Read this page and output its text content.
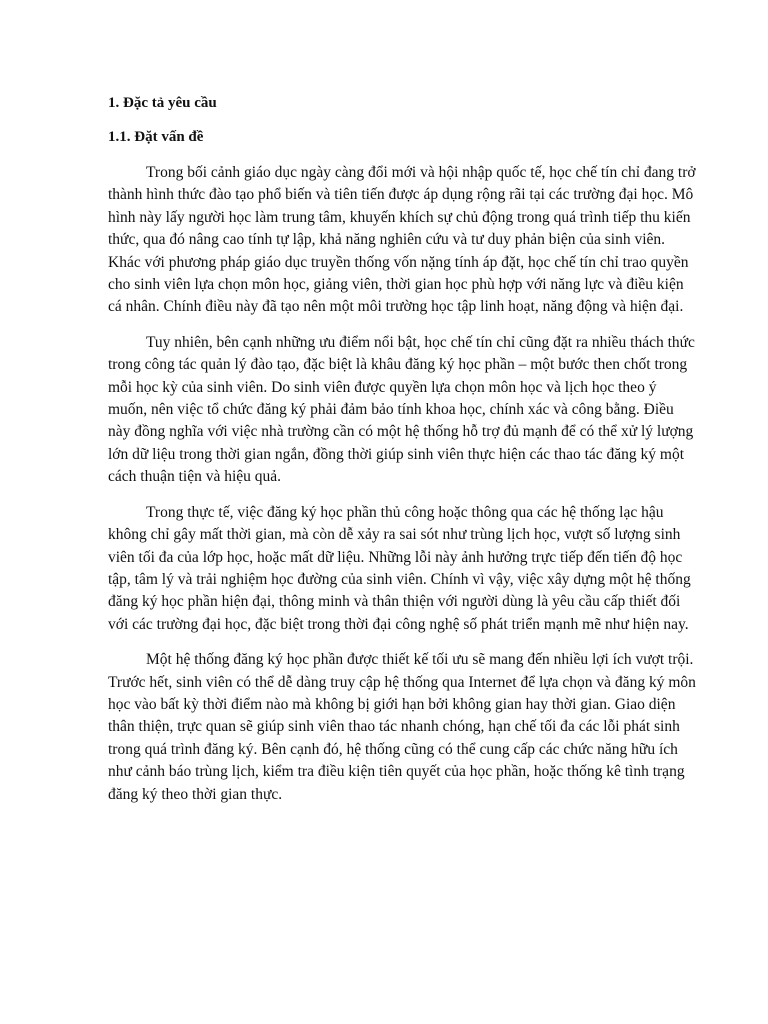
1. Đặc tả yêu cầu
1.1. Đặt vấn đề

Trong bối cảnh giáo dục ngày càng đổi mới và hội nhập quốc tế, học chế tín chỉ đang trở thành hình thức đào tạo phổ biến và tiên tiến được áp dụng rộng rãi tại các trường đại học. Mô hình này lấy người học làm trung tâm, khuyến khích sự chủ động trong quá trình tiếp thu kiến thức, qua đó nâng cao tính tự lập, khả năng nghiên cứu và tư duy phản biện của sinh viên. Khác với phương pháp giáo dục truyền thống vốn nặng tính áp đặt, học chế tín chỉ trao quyền cho sinh viên lựa chọn môn học, giảng viên, thời gian học phù hợp với năng lực và điều kiện cá nhân. Chính điều này đã tạo nên một môi trường học tập linh hoạt, năng động và hiện đại.

Tuy nhiên, bên cạnh những ưu điểm nổi bật, học chế tín chỉ cũng đặt ra nhiều thách thức trong công tác quản lý đào tạo, đặc biệt là khâu đăng ký học phần – một bước then chốt trong mỗi học kỳ của sinh viên. Do sinh viên được quyền lựa chọn môn học và lịch học theo ý muốn, nên việc tổ chức đăng ký phải đảm bảo tính khoa học, chính xác và công bằng. Điều này đồng nghĩa với việc nhà trường cần có một hệ thống hỗ trợ đủ mạnh để có thể xử lý lượng lớn dữ liệu trong thời gian ngắn, đồng thời giúp sinh viên thực hiện các thao tác đăng ký một cách thuận tiện và hiệu quả.

Trong thực tế, việc đăng ký học phần thủ công hoặc thông qua các hệ thống lạc hậu không chỉ gây mất thời gian, mà còn dễ xảy ra sai sót như trùng lịch học, vượt số lượng sinh viên tối đa của lớp học, hoặc mất dữ liệu. Những lỗi này ảnh hưởng trực tiếp đến tiến độ học tập, tâm lý và trải nghiệm học đường của sinh viên. Chính vì vậy, việc xây dựng một hệ thống đăng ký học phần hiện đại, thông minh và thân thiện với người dùng là yêu cầu cấp thiết đối với các trường đại học, đặc biệt trong thời đại công nghệ số phát triển mạnh mẽ như hiện nay.

Một hệ thống đăng ký học phần được thiết kế tối ưu sẽ mang đến nhiều lợi ích vượt trội. Trước hết, sinh viên có thể dễ dàng truy cập hệ thống qua Internet để lựa chọn và đăng ký môn học vào bất kỳ thời điểm nào mà không bị giới hạn bởi không gian hay thời gian. Giao diện thân thiện, trực quan sẽ giúp sinh viên thao tác nhanh chóng, hạn chế tối đa các lỗi phát sinh trong quá trình đăng ký. Bên cạnh đó, hệ thống cũng có thể cung cấp các chức năng hữu ích như cảnh báo trùng lịch, kiểm tra điều kiện tiên quyết của học phần, hoặc thống kê tình trạng đăng ký theo thời gian thực.
